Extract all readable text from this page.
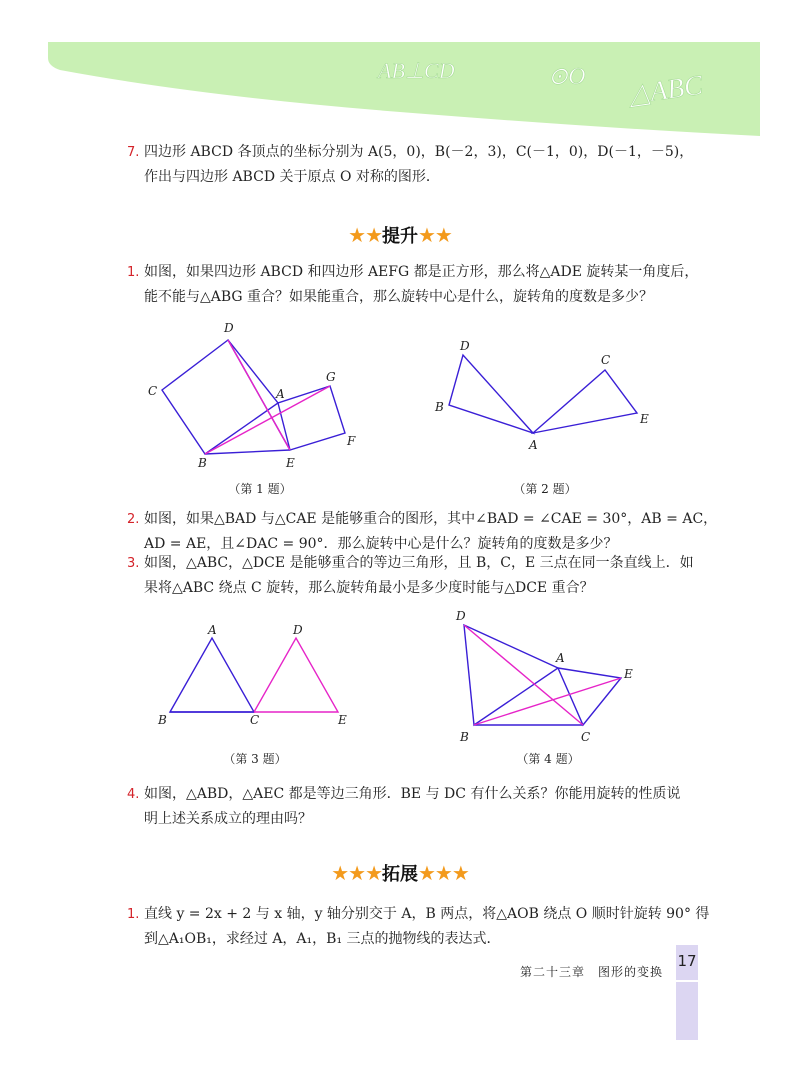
AB⊥CD	⊙O △ABC
7. 四边形 ABCD 各顶点的坐标分别为 A(5，0)，B(－2，3)，C(－1，0)，D(－1，－5)，
作出与四边形 ABCD 关于原点 O 对称的图形．
★★提升★★
1. 如图，如果四边形 ABCD 和四边形 AEFG 都是正方形，那么将△ADE 旋转某一角度后，
能不能与△ABG 重合？如果能重合，那么旋转中心是什么，旋转角的度数是多少？
D
C	A
G
F
B	E
（第 1 题）
D
B
A
C
E
（第 2 题）
2. 如图，如果△BAD 与△CAE 是能够重合的图形，其中∠BAD = ∠CAE = 30°，AB = AC，
AD = AE，且∠DAC = 90°．那么旋转中心是什么？旋转角的度数是多少？
3. 如图，△ABC，△DCE 是能够重合的等边三角形，且 B，C，E 三点在同一条直线上．如
果将△ABC 绕点 C 旋转，那么旋转角最小是多少度时能与△DCE 重合？
A	D
B	C	E
（第 3 题）
D
A
E
B	C
（第 4 题）
4. 如图，△ABD，△AEC 都是等边三角形．BE 与 DC 有什么关系？你能用旋转的性质说
明上述关系成立的理由吗？
★★★拓展★★★
1. 直线 y = 2x + 2 与 x 轴，y 轴分别交于 A，B 两点，将△AOB 绕点 O 顺时针旋转 90° 得
到△A₁OB₁，求经过 A，A₁，B₁ 三点的抛物线的表达式．
第二十三章　图形的变换
17
